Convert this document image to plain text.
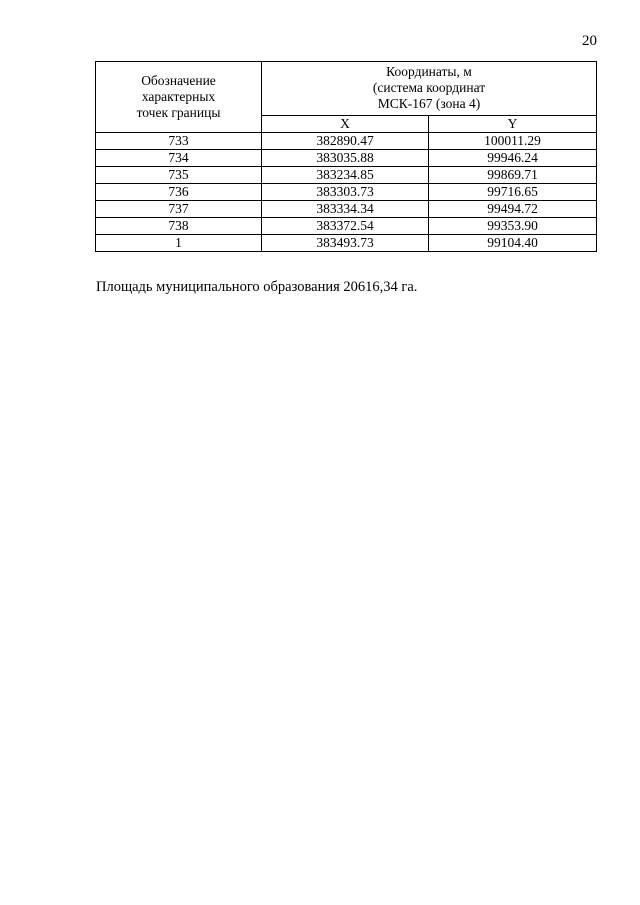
20
Обозначение
характерных
точек границы	Координаты, м
(система координат
МСК-167 (зона 4)	

	X	Y
733	382890.47	100011.29
734	383035.88	99946.24
735	383234.85	99869.71
736	383303.73	99716.65
737	383334.34	99494.72
738	383372.54	99353.90
1	383493.73	99104.40
Площадь муниципального образования 20616,34 га.
